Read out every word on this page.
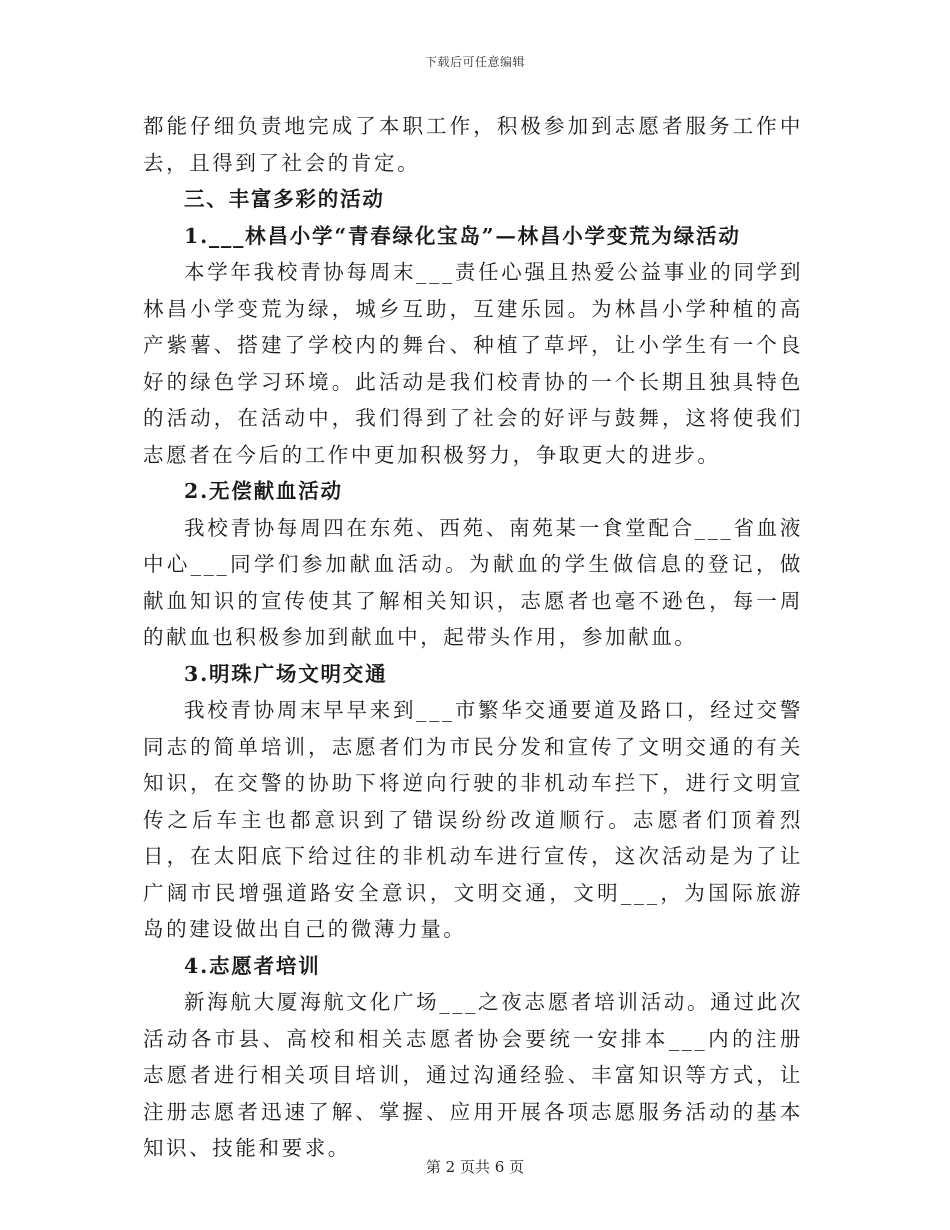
下载后可任意编辑

都能仔细负责地完成了本职工作，积极参加到志愿者服务工作中去，且得到了社会的肯定。

三、丰富多彩的活动

1.___林昌小学“青春绿化宝岛”—林昌小学变荒为绿活动

本学年我校青协每周末___责任心强且热爱公益事业的同学到林昌小学变荒为绿，城乡互助，互建乐园。为林昌小学种植的高产紫薯、搭建了学校内的舞台、种植了草坪，让小学生有一个良好的绿色学习环境。此活动是我们校青协的一个长期且独具特色的活动，在活动中，我们得到了社会的好评与鼓舞，这将使我们志愿者在今后的工作中更加积极努力，争取更大的进步。

2.无偿献血活动

我校青协每周四在东苑、西苑、南苑某一食堂配合___省血液中心___同学们参加献血活动。为献血的学生做信息的登记，做献血知识的宣传使其了解相关知识，志愿者也毫不逊色，每一周的献血也积极参加到献血中，起带头作用，参加献血。

3.明珠广场文明交通

我校青协周末早早来到___市繁华交通要道及路口，经过交警同志的简单培训，志愿者们为市民分发和宣传了文明交通的有关知识，在交警的协助下将逆向行驶的非机动车拦下，进行文明宣传之后车主也都意识到了错误纷纷改道顺行。志愿者们顶着烈日，在太阳底下给过往的非机动车进行宣传，这次活动是为了让广阔市民增强道路安全意识，文明交通，文明___，为国际旅游岛的建设做出自己的微薄力量。

4.志愿者培训

新海航大厦海航文化广场___之夜志愿者培训活动。通过此次活动各市县、高校和相关志愿者协会要统一安排本___内的注册志愿者进行相关项目培训，通过沟通经验、丰富知识等方式，让注册志愿者迅速了解、掌握、应用开展各项志愿服务活动的基本知识、技能和要求。

第 2 页共 6 页
